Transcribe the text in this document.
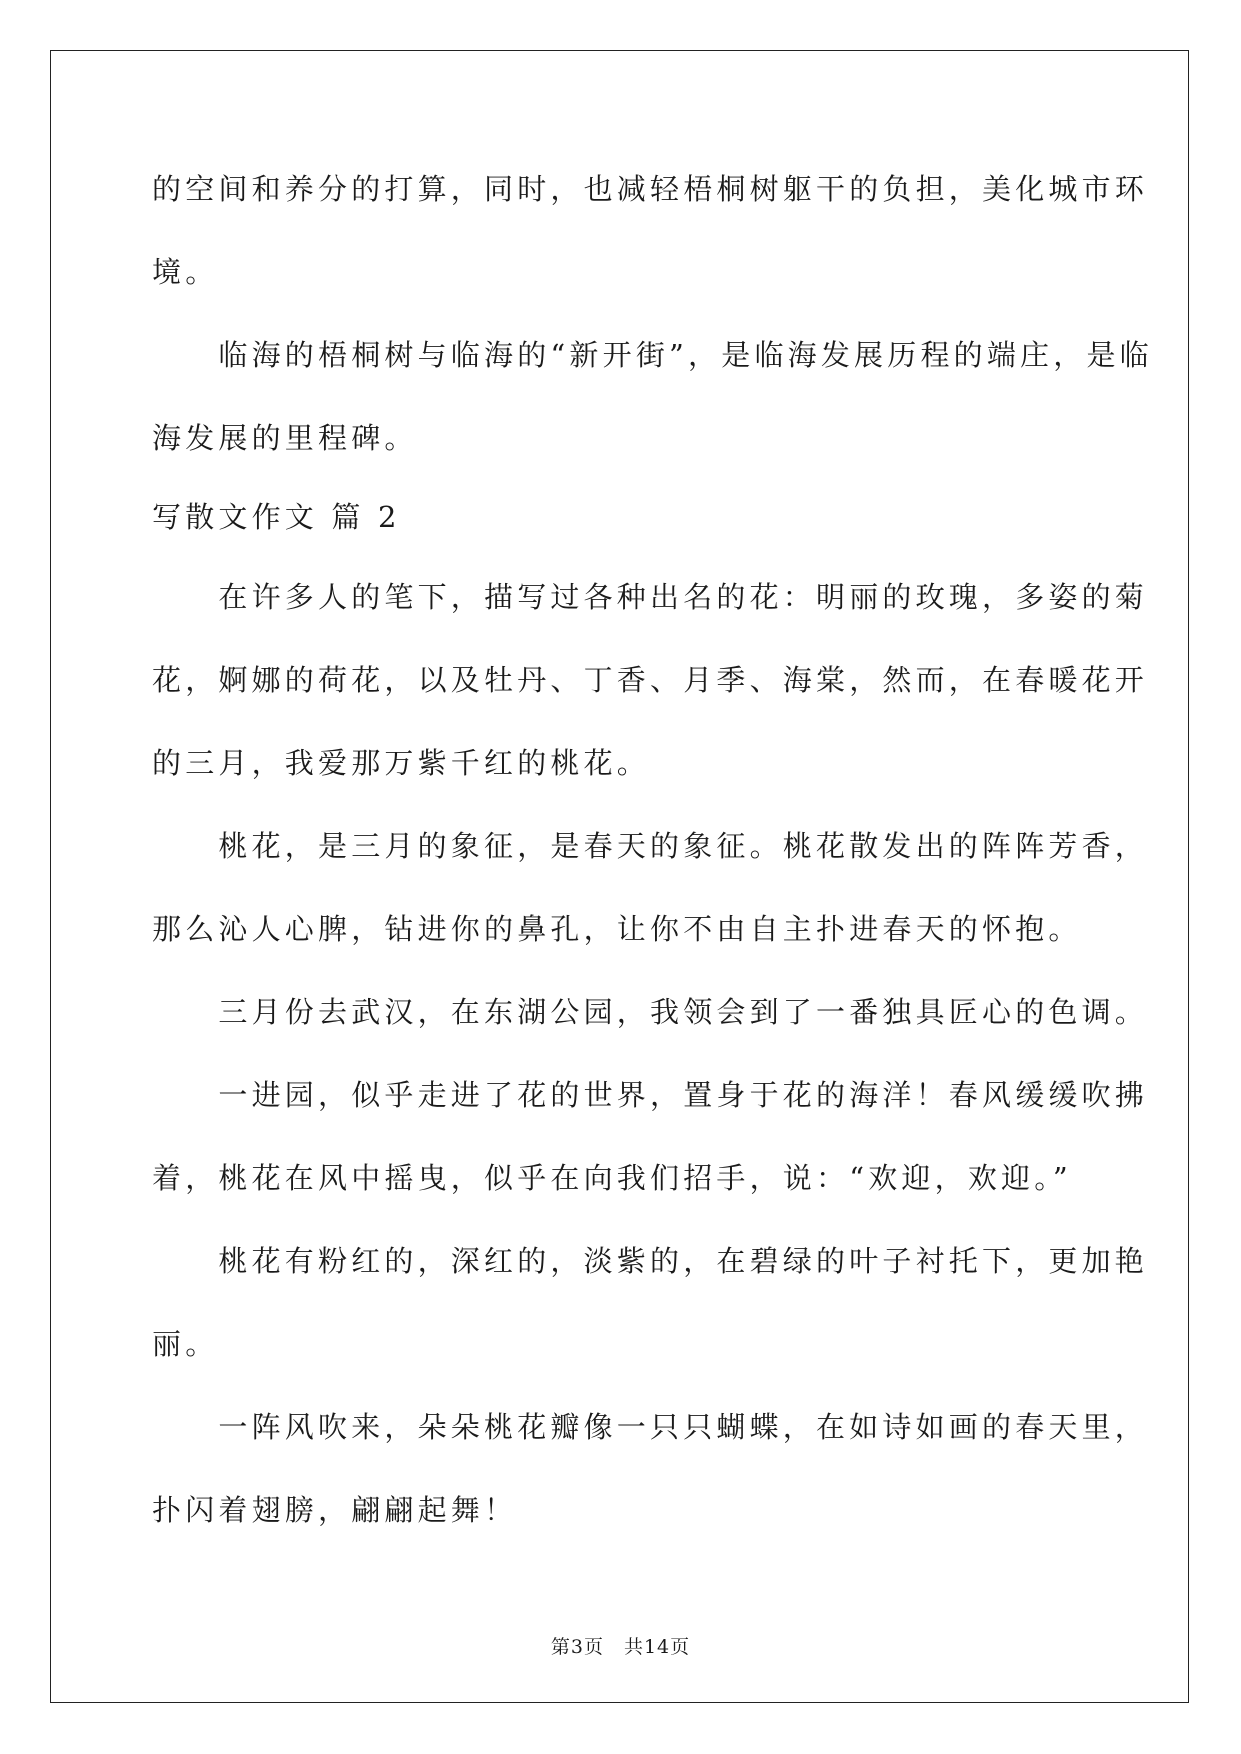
的空间和养分的打算，同时，也减轻梧桐树躯干的负担，美化城市环
境。
　　临海的梧桐树与临海的“新开街”，是临海发展历程的端庄，是临
海发展的里程碑。
写散文作文 篇 2
　　在许多人的笔下，描写过各种出名的花：明丽的玫瑰，多姿的菊
花，婀娜的荷花，以及牡丹、丁香、月季、海棠，然而，在春暖花开
的三月，我爱那万紫千红的桃花。
　　桃花，是三月的象征，是春天的象征。桃花散发出的阵阵芳香，
那么沁人心脾，钻进你的鼻孔，让你不由自主扑进春天的怀抱。
　　三月份去武汉，在东湖公园，我领会到了一番独具匠心的色调。
　　一进园，似乎走进了花的世界，置身于花的海洋！春风缓缓吹拂
着，桃花在风中摇曳，似乎在向我们招手，说：“欢迎，欢迎。”
　　桃花有粉红的，深红的，淡紫的，在碧绿的叶子衬托下，更加艳
丽。
　　一阵风吹来，朵朵桃花瓣像一只只蝴蝶，在如诗如画的春天里，
扑闪着翅膀，翩翩起舞！
第3页　共14页
